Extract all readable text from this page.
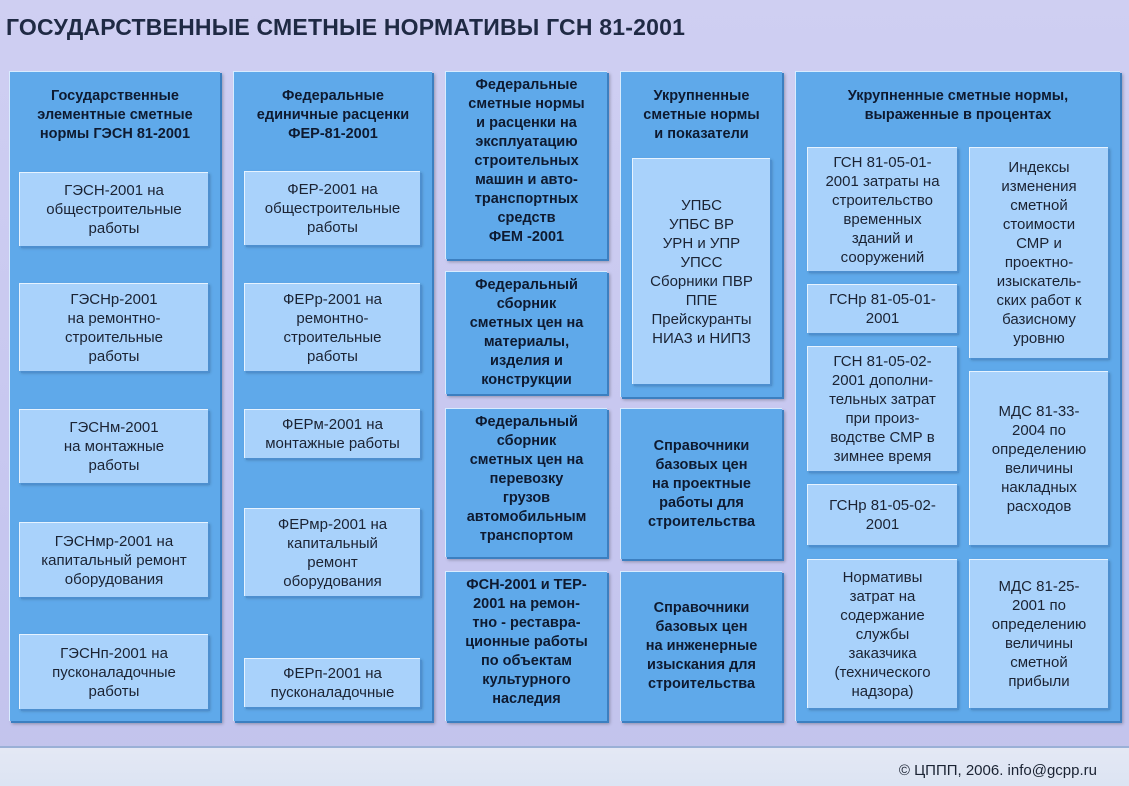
ГОСУДАРСТВЕННЫЕ СМЕТНЫЕ НОРМАТИВЫ ГСН 81-2001
Государственные
элементные сметные
нормы ГЭСН 81-2001
ГЭСН-2001 на
общестроительные
работы
ГЭСНр-2001
на ремонтно-
строительные
работы
ГЭСНм-2001
на монтажные
работы
ГЭСНмр-2001 на
капитальный ремонт
оборудования
ГЭСНп-2001 на
пусконаладочные
работы
Федеральные
единичные расценки
ФЕР-81-2001
ФЕР-2001 на
общестроительные
работы
ФЕРр-2001 на
ремонтно-
строительные
работы
ФЕРм-2001 на
монтажные работы
ФЕРмр-2001 на
капитальный
ремонт
оборудования
ФЕРп-2001 на
пусконаладочные
Федеральные
сметные нормы
и расценки на
эксплуатацию
строительных
машин и авто-
транспортных
средств
ФЕМ -2001
Федеральный
сборник
сметных цен на
материалы,
изделия и
конструкции
Федеральный
сборник
сметных цен на
перевозку
грузов
автомобильным
транспортом
ФСН-2001 и ТЕР-
2001 на ремон-
тно - реставра-
ционные работы
по объектам
культурного
наследия
Укрупненные
сметные нормы
и показатели
УПБС
УПБС ВР
УРН и УПР
УПСС
Сборники ПВР
ППЕ
Прейскуранты
НИАЗ и НИПЗ
Справочники
базовых цен
на проектные
работы для
строительства
Справочники
базовых цен
на инженерные
изыскания для
строительства
Укрупненные сметные нормы,
выраженные в процентах
ГСН 81-05-01-
2001 затраты на
строительство
временных
зданий и
сооружений
ГСНр 81-05-01-
2001
ГСН 81-05-02-
2001 дополни-
тельных затрат
при произ-
водстве СМР в
зимнее время
ГСНр 81-05-02-
2001
Нормативы
затрат на
содержание
службы
заказчика
(технического
надзора)
Индексы
изменения
сметной
стоимости
СМР и
проектно-
изыскатель-
ских работ к
базисному
уровню
МДС 81-33-
2004 по
определению
величины
накладных
расходов
МДС 81-25-
2001 по
определению
величины
сметной
прибыли
© ЦППП, 2006. info@gcpp.ru
